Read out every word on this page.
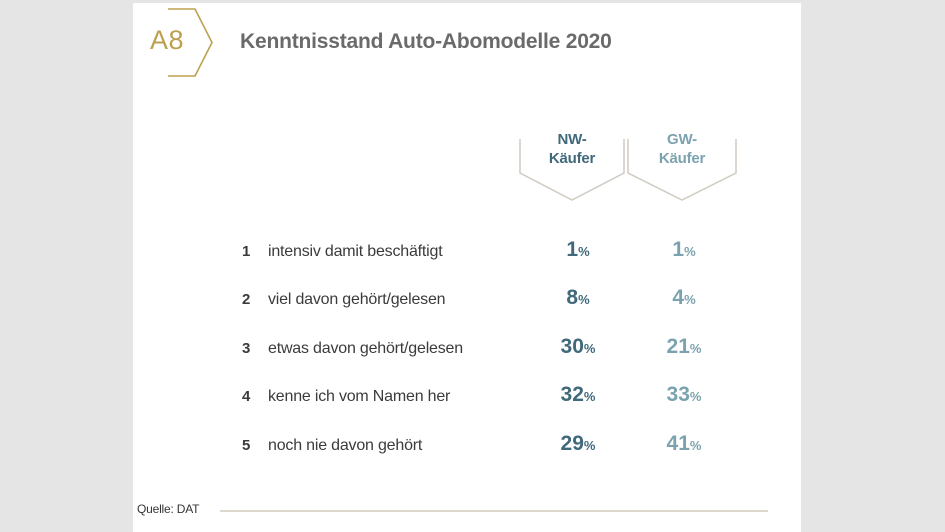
A8	Kenntnisstand Auto-Abomodelle 2020
NW-
Käufer
GW-
Käufer
1	intensiv damit beschäftigt	1%	1%
2	viel davon gehört/gelesen	8%	4%
3	etwas davon gehört/gelesen	30%	21%
4	kenne ich vom Namen her	32%	33%
5	noch nie davon gehört	29%	41%
Quelle: DAT
